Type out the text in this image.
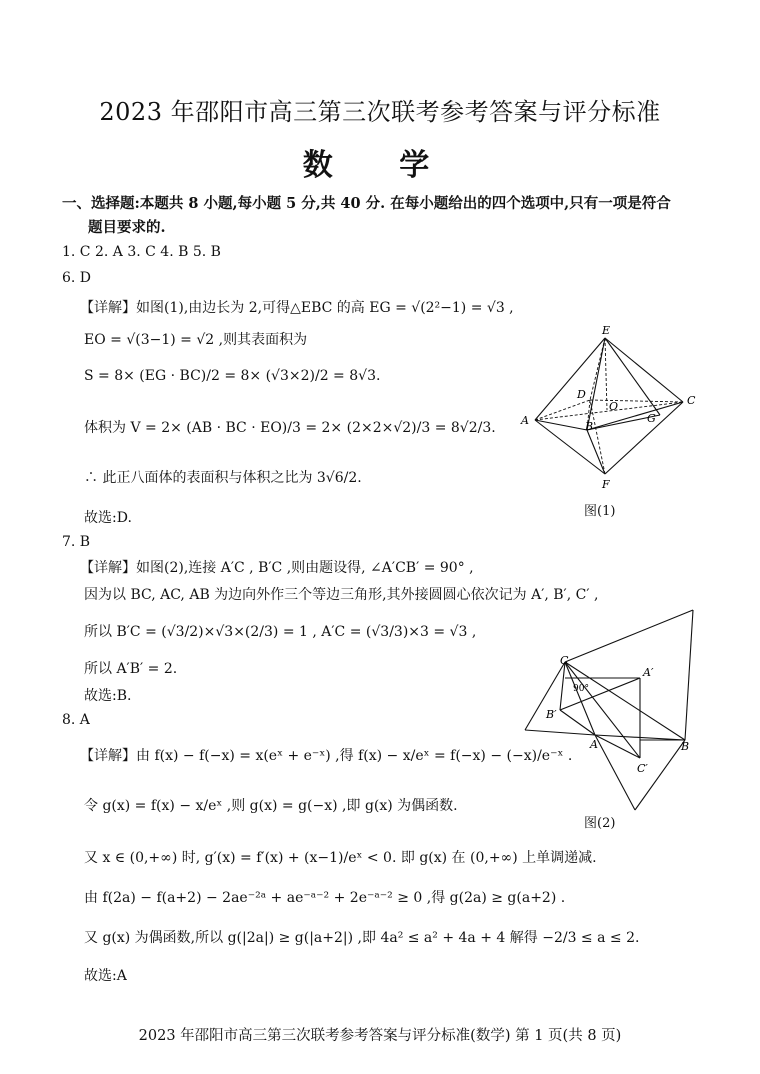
2023 年邵阳市高三第三次联考参考答案与评分标准
数 学
一、选择题:本题共 8 小题,每小题 5 分,共 40 分. 在每小题给出的四个选项中,只有一项是符合
题目要求的.
1. C 2. A 3. C 4. B 5. B
6. D
【详解】如图(1),由边长为 2,可得△EBC 的高 EG = √(2²−1) = √3 ,
EO = √(3−1) = √2 ,则其表面积为
S = 8× (EG · BC)/2 = 8× (√3×2)/2 = 8√3.
体积为 V = 2× (AB · BC · EO)/3 = 2× (2×2×√2)/3 = 8√2/3.
∴ 此正八面体的表面积与体积之比为 3√6/2.
故选:D.
E
A
D
O	C
B
G
F
图(1)
7. B
【详解】如图(2),连接 A′C , B′C ,则由题设得, ∠A′CB′ = 90° ,
因为以 BC, AC, AB 为边向外作三个等边三角形,其外接圆圆心依次记为 A′, B′, C′ ,
所以 B′C = (√3/2)×√3×(2/3) = 1 , A′C = (√3/3)×3 = √3 ,
所以 A′B′ = 2.
故选:B.
C
A′
90°
B′
A	B
C′
图(2)
8. A
【详解】由 f(x) − f(−x) = x(eˣ + e⁻ˣ) ,得 f(x) − x/eˣ = f(−x) − (−x)/e⁻ˣ .
令 g(x) = f(x) − x/eˣ ,则 g(x) = g(−x) ,即 g(x) 为偶函数.
又 x ∈ (0,+∞) 时, g′(x) = f′(x) + (x−1)/eˣ < 0. 即 g(x) 在 (0,+∞) 上单调递减.
由 f(2a) − f(a+2) − 2ae⁻²ᵃ + ae⁻ᵃ⁻² + 2e⁻ᵃ⁻² ≥ 0 ,得 g(2a) ≥ g(a+2) .
又 g(x) 为偶函数,所以 g(|2a|) ≥ g(|a+2|) ,即 4a² ≤ a² + 4a + 4 解得 −2/3 ≤ a ≤ 2.
故选:A
2023 年邵阳市高三第三次联考参考答案与评分标准(数学) 第 1 页(共 8 页)
